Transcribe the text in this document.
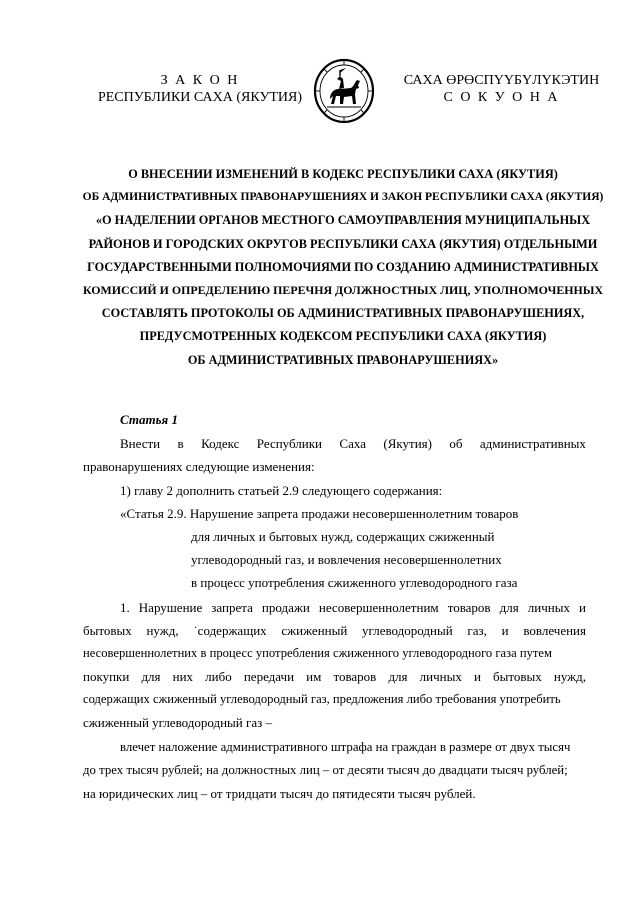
З А К О Н
РЕСПУБЛИКИ САХА (ЯКУТИЯ)
САХА ӨРӨСПҮҮБҮЛҮКЭТИН
С О К У О Н А
О ВНЕСЕНИИ ИЗМЕНЕНИЙ В КОДЕКС РЕСПУБЛИКИ САХА (ЯКУТИЯ)
ОБ АДМИНИСТРАТИВНЫХ ПРАВОНАРУШЕНИЯХ И ЗАКОН РЕСПУБЛИКИ САХА (ЯКУТИЯ)
«О НАДЕЛЕНИИ ОРГАНОВ МЕСТНОГО САМОУПРАВЛЕНИЯ МУНИЦИПАЛЬНЫХ
РАЙОНОВ И ГОРОДСКИХ ОКРУГОВ РЕСПУБЛИКИ САХА (ЯКУТИЯ) ОТДЕЛЬНЫМИ
ГОСУДАРСТВЕННЫМИ ПОЛНОМОЧИЯМИ ПО СОЗДАНИЮ АДМИНИСТРАТИВНЫХ
КОМИССИЙ И ОПРЕДЕЛЕНИЮ ПЕРЕЧНЯ ДОЛЖНОСТНЫХ ЛИЦ, УПОЛНОМОЧЕННЫХ
СОСТАВЛЯТЬ ПРОТОКОЛЫ ОБ АДМИНИСТРАТИВНЫХ ПРАВОНАРУШЕНИЯХ,
ПРЕДУСМОТРЕННЫХ КОДЕКСОМ РЕСПУБЛИКИ САХА (ЯКУТИЯ)
ОБ АДМИНИСТРАТИВНЫХ ПРАВОНАРУШЕНИЯХ»
Статья 1
Внести в Кодекс Республики Саха (Якутия) об административных
правонарушениях следующие изменения:
1) главу 2 дополнить статьей 2.9 следующего содержания:
«Статья 2.9. Нарушение запрета продажи несовершеннолетним товаров
для личных и бытовых нужд, содержащих сжиженный
углеводородный газ, и вовлечения несовершеннолетних
в процесс употребления сжиженного углеводородного газа
1. Нарушение запрета продажи несовершеннолетним товаров для личных и
бытовых нужд, ˙содержащих сжиженный углеводородный газ, и вовлечения
несовершеннолетних в процесс употребления сжиженного углеводородного газа путем
покупки для них либо передачи им товаров для личных и бытовых нужд,
содержащих сжиженный углеводородный газ, предложения либо требования употребить
сжиженный углеводородный газ –
влечет наложение административного штрафа на граждан в размере от двух тысяч
до трех тысяч рублей; на должностных лиц – от десяти тысяч до двадцати тысяч рублей;
на юридических лиц – от тридцати тысяч до пятидесяти тысяч рублей.
